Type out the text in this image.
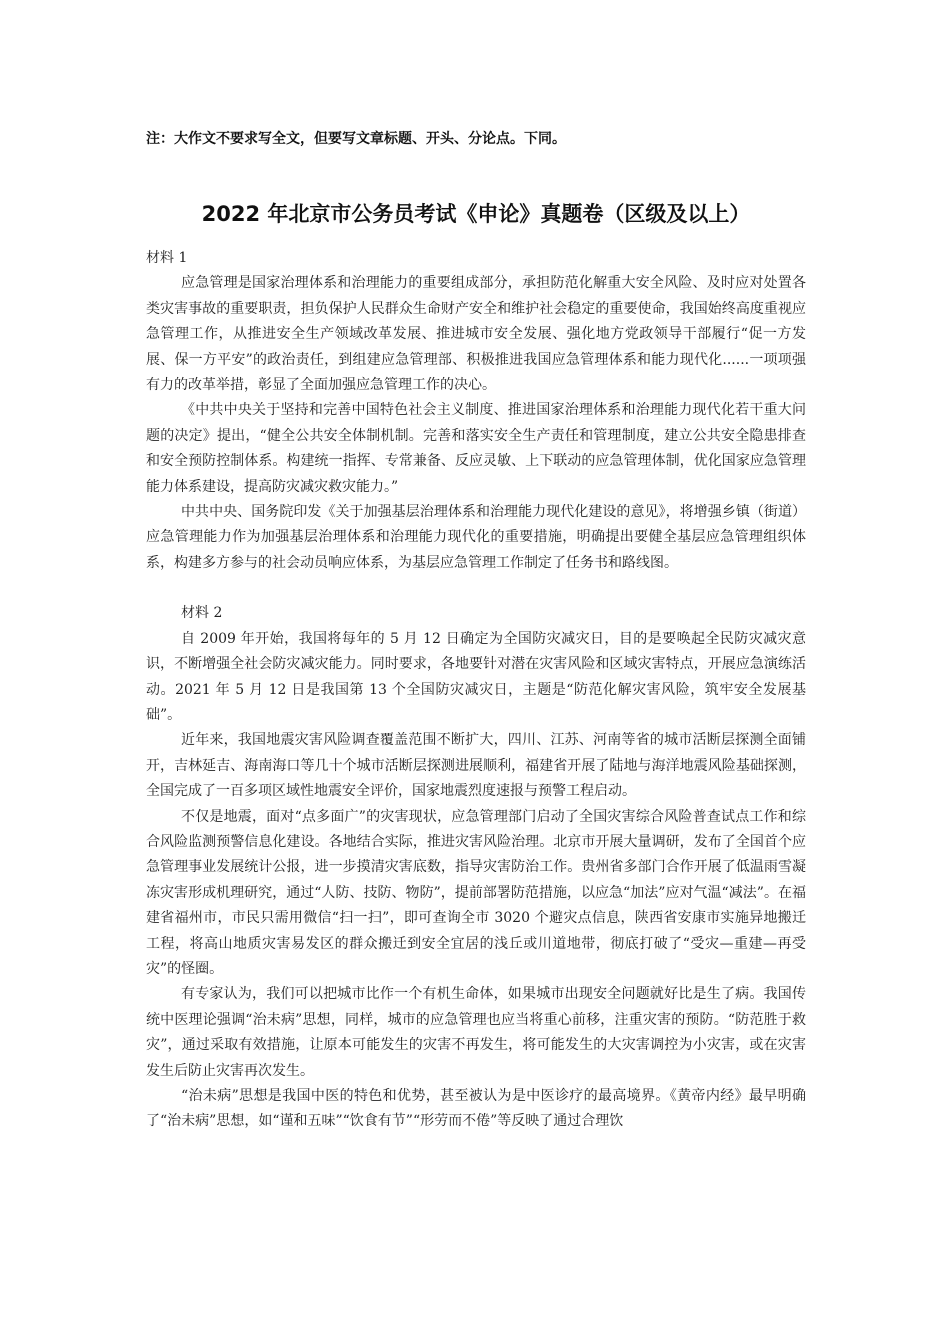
注：大作文不要求写全文，但要写文章标题、开头、分论点。下同。
2022 年北京市公务员考试《申论》真题卷（区级及以上）

材料 1

应急管理是国家治理体系和治理能力的重要组成部分，承担防范化解重大安全风险、及时应对处置各类灾害事故的重要职责，担负保护人民群众生命财产安全和维护社会稳定的重要使命，我国始终高度重视应急管理工作，从推进安全生产领域改革发展、推进城市安全发展、强化地方党政领导干部履行“促一方发展、保一方平安”的政治责任，到组建应急管理部、积极推进我国应急管理体系和能力现代化......一项项强有力的改革举措，彰显了全面加强应急管理工作的决心。

《中共中央关于坚持和完善中国特色社会主义制度、推进国家治理体系和治理能力现代化若干重大问题的决定》提出，“健全公共安全体制机制。完善和落实安全生产责任和管理制度，建立公共安全隐患排查和安全预防控制体系。构建统一指挥、专常兼备、反应灵敏、上下联动的应急管理体制，优化国家应急管理能力体系建设，提高防灾减灾救灾能力。”

中共中央、国务院印发《关于加强基层治理体系和治理能力现代化建设的意见》，将增强乡镇（街道）应急管理能力作为加强基层治理体系和治理能力现代化的重要措施，明确提出要健全基层应急管理组织体系，构建多方参与的社会动员响应体系，为基层应急管理工作制定了任务书和路线图。

材料 2

自 2009 年开始，我国将每年的 5 月 12 日确定为全国防灾减灾日，目的是要唤起全民防灾减灾意识，不断增强全社会防灾减灾能力。同时要求，各地要针对潜在灾害风险和区域灾害特点，开展应急演练活动。2021 年 5 月 12 日是我国第 13 个全国防灾减灾日，主题是“防范化解灾害风险，筑牢安全发展基础”。

近年来，我国地震灾害风险调查覆盖范围不断扩大，四川、江苏、河南等省的城市活断层探测全面铺开，吉林延吉、海南海口等几十个城市活断层探测进展顺利，福建省开展了陆地与海洋地震风险基础探测，全国完成了一百多项区域性地震安全评价，国家地震烈度速报与预警工程启动。

不仅是地震，面对“点多面广”的灾害现状，应急管理部门启动了全国灾害综合风险普查试点工作和综合风险监测预警信息化建设。各地结合实际，推进灾害风险治理。北京市开展大量调研，发布了全国首个应急管理事业发展统计公报，进一步摸清灾害底数，指导灾害防治工作。贵州省多部门合作开展了低温雨雪凝冻灾害形成机理研究，通过“人防、技防、物防”，提前部署防范措施，以应急“加法”应对气温“减法”。在福建省福州市，市民只需用微信“扫一扫”，即可查询全市 3020 个避灾点信息，陕西省安康市实施异地搬迁工程，将高山地质灾害易发区的群众搬迁到安全宜居的浅丘或川道地带，彻底打破了“受灾—重建—再受灾”的怪圈。

有专家认为，我们可以把城市比作一个有机生命体，如果城市出现安全问题就好比是生了病。我国传统中医理论强调“治未病”思想，同样，城市的应急管理也应当将重心前移，注重灾害的预防。“防范胜于救灾”，通过采取有效措施，让原本可能发生的灾害不再发生，将可能发生的大灾害调控为小灾害，或在灾害发生后防止灾害再次发生。

“治未病”思想是我国中医的特色和优势，甚至被认为是中医诊疗的最高境界。《黄帝内经》最早明确了“治未病”思想，如“谨和五味”“饮食有节”“形劳而不倦”等反映了通过合理饮
